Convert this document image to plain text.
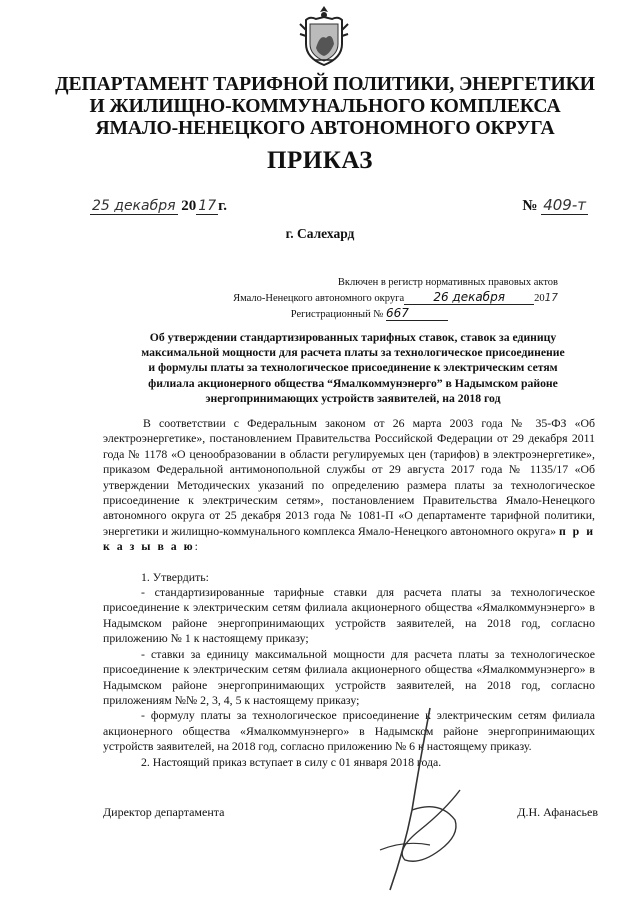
ДЕПАРТАМЕНТ ТАРИФНОЙ ПОЛИТИКИ, ЭНЕРГЕТИКИ
И ЖИЛИЩНО-КОММУНАЛЬНОГО КОМПЛЕКСА
ЯМАЛО-НЕНЕЦКОГО АВТОНОМНОГО ОКРУГА
ПРИКАЗ
25 декабря 20 17 г.	№ 409-т
г. Салехард
Включен в регистр нормативных правовых актов
Ямало-Ненецкого автономного округа 26 декабря	2017
Регистрационный № 667
Об утверждении стандартизированных тарифных ставок, ставок за единицу
максимальной мощности для расчета платы за технологическое присоединение
и формулы платы за технологическое присоединение к электрическим сетям
филиала акционерного общества “Ямалкоммунэнерго” в Надымском районе
энергопринимающих устройств заявителей, на 2018 год

В соответствии с Федеральным законом от 26 марта 2003 года № 35-ФЗ «Об электроэнергетике», постановлением Правительства Российской Федерации от 29 декабря 2011 года № 1178 «О ценообразовании в области регулируемых цен (тарифов) в электроэнергетике», приказом Федеральной антимонопольной службы от 29 августа 2017 года № 1135/17 «Об утверждении Методических указаний по определению размера платы за технологическое присоединение к электрическим сетям», постановлением Правительства Ямало-Ненецкого автономного округа от 25 декабря 2013 года № 1081-П «О департаменте тарифной политики, энергетики и жилищно-коммунального комплекса Ямало-Ненецкого автономного округа» п р и к а з ы в а ю:

1. Утвердить:

- стандартизированные тарифные ставки для расчета платы за технологическое присоединение к электрическим сетям филиала акционерного общества «Ямалкоммунэнерго» в Надымском районе энергопринимающих устройств заявителей, на 2018 год, согласно приложению № 1 к настоящему приказу;

- ставки за единицу максимальной мощности для расчета платы за технологическое присоединение к электрическим сетям филиала акционерного общества «Ямалкоммунэнерго» в Надымском районе энергопринимающих устройств заявителей, на 2018 год, согласно приложениям №№ 2, 3, 4, 5 к настоящему приказу;

- формулу платы за технологическое присоединение к электрическим сетям филиала акционерного общества «Ямалкоммунэнерго» в Надымском районе энергопринимающих устройств заявителей, на 2018 год, согласно приложению № 6 к настоящему приказу.

2. Настоящий приказ вступает в силу с 01 января 2018 года.

Директор департамента	Д.Н. Афанасьев
